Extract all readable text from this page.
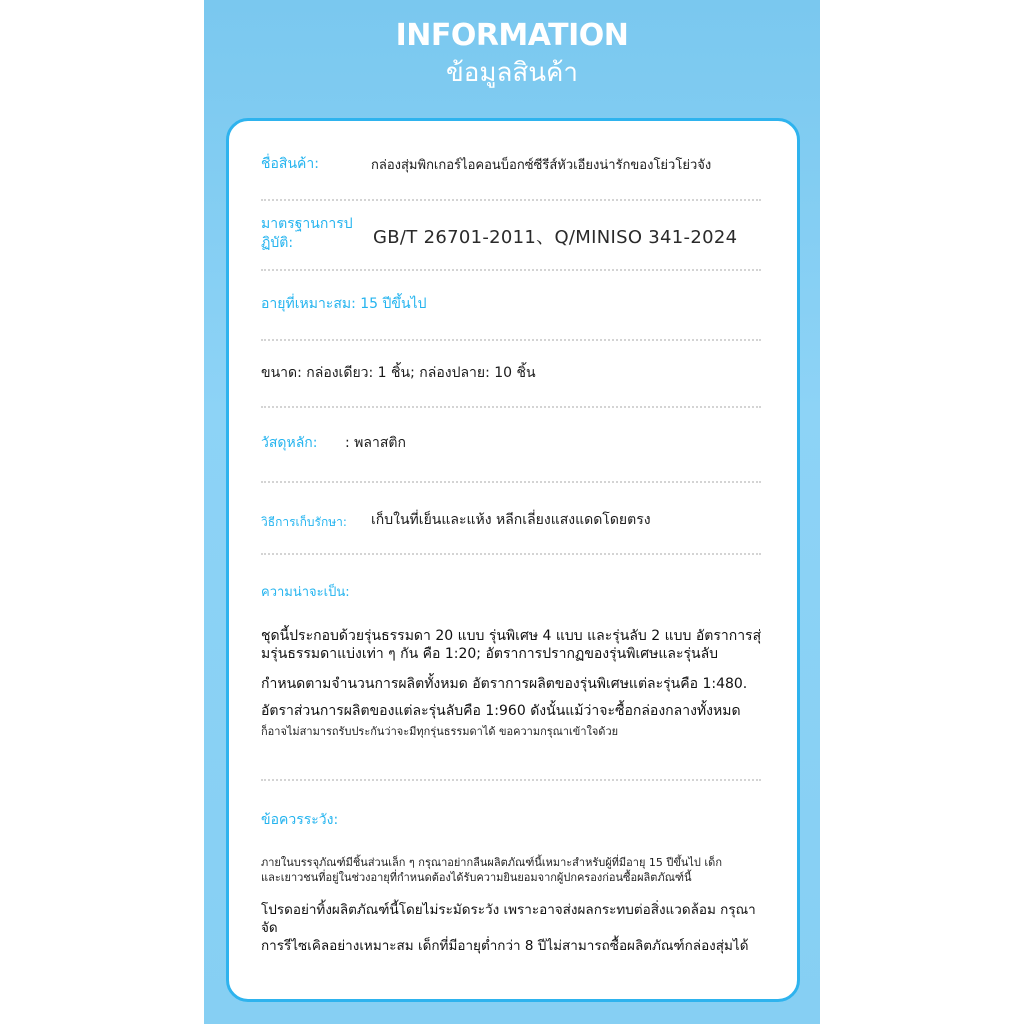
INFORMATION
ข้อมูลสินค้า
ชื่อสินค้า:	กล่องสุ่มพิกเกอร์ไอคอนบ็อกซ์ซีรีส์หัวเอียงน่ารักของโย่วโย่วจัง
มาตรฐานการป
ฏิบัติ:	GB/T 26701-2011、Q/MINISO 341-2024
อายุที่เหมาะสม: 15 ปีขึ้นไป
ขนาด: กล่องเดียว: 1 ชิ้น; กล่องปลาย: 10 ชิ้น
วัสดุหลัก: : พลาสติก
วิธีการเก็บรักษา: เก็บในที่เย็นและแห้ง หลีกเลี่ยงแสงแดดโดยตรง
ความน่าจะเป็น:
ชุดนี้ประกอบด้วยรุ่นธรรมดา 20 แบบ รุ่นพิเศษ 4 แบบ และรุ่นลับ 2 แบบ อัตราการสุ่
มรุ่นธรรมดาแบ่งเท่า ๆ กัน คือ 1:20; อัตราการปรากฏของรุ่นพิเศษและรุ่นลับ
กำหนดตามจำนวนการผลิตทั้งหมด อัตราการผลิตของรุ่นพิเศษแต่ละรุ่นคือ 1:480.
อัตราส่วนการผลิตของแต่ละรุ่นลับคือ 1:960 ดังนั้นแม้ว่าจะซื้อกล่องกลางทั้งหมด
ก็อาจไม่สามารถรับประกันว่าจะมีทุกรุ่นธรรมดาได้ ขอความกรุณาเข้าใจด้วย
ข้อควรระวัง:
ภายในบรรจุภัณฑ์มีชิ้นส่วนเล็ก ๆ กรุณาอย่ากลืนผลิตภัณฑ์นี้เหมาะสำหรับผู้ที่มีอายุ 15 ปีขึ้นไป เด็ก
และเยาวชนที่อยู่ในช่วงอายุที่กำหนดต้องได้รับความยินยอมจากผู้ปกครองก่อนซื้อผลิตภัณฑ์นี้
โปรดอย่าทิ้งผลิตภัณฑ์นี้โดยไม่ระมัดระวัง เพราะอาจส่งผลกระทบต่อสิ่งแวดล้อม กรุณาจัด
การรีไซเคิลอย่างเหมาะสม เด็กที่มีอายุต่ำกว่า 8 ปีไม่สามารถซื้อผลิตภัณฑ์กล่องสุ่มได้
